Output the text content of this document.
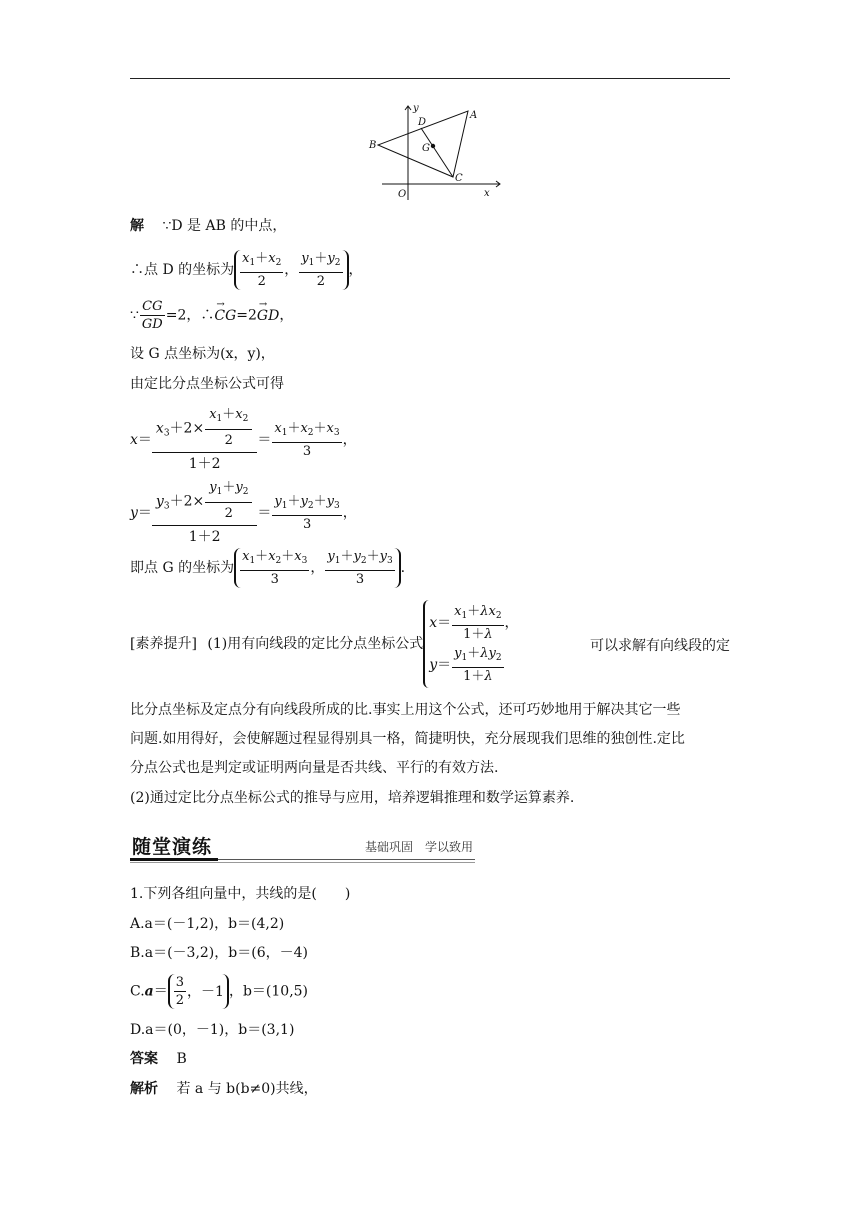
y
x
O
A
B
C
D
G
解 ∵D 是 AB 的中点，
∴点 D 的坐标为 $\frac{x_1+x_2}{2}$ ， $\frac{y_1+y_2}{2}$ ，
∵ $\frac{CG}{GD} =2$，∴→ CG=2→ GD，
设 G 点坐标为(x，y)，
由定比分点坐标公式可得
$x= \frac{x_3+2\times \frac{x_1+x_2}{2}}{1+2} = \frac{x_1+x_2+x_3}{3}$ ，
$y= \frac{y_3+2\times \frac{y_1+y_2}{2}}{1+2} = \frac{y_1+y_2+y_3}{3}$ ，
即点 G 的坐标为 $\frac{x_1+x_2+x_3}{3}$ ， $\frac{y_1+y_2+y_3}{3}$ .
[素养提升] (1)用有向线段的定比分点坐标公式
$x= \frac{x_1+\lambda x_2}{1+\lambda}$ ，
$y= \frac{y_1+\lambda y_2}{1+\lambda}$	可以求解有向线段的定
比分点坐标及定点分有向线段所成的比.事实上用这个公式，还可巧妙地用于解决其它一些
问题.如用得好，会使解题过程显得别具一格，简捷明快，充分展现我们思维的独创性.定比
分点公式也是判定或证明两向量是否共线、平行的有效方法.
(2)通过定比分点坐标公式的推导与应用，培养逻辑推理和数学运算素养.
随堂演练	基础巩固　学以致用
1.下列各组向量中，共线的是(　　)
A.a＝(－1,2)，b＝(4,2)
B.a＝(－3,2)，b＝(6，－4)
$C.a= \frac{3}{2}$ ，－1 ，b＝(10,5)
D.a＝(0，－1)，b＝(3,1)
答案 B
解析 若 a 与 b(b≠0)共线，
